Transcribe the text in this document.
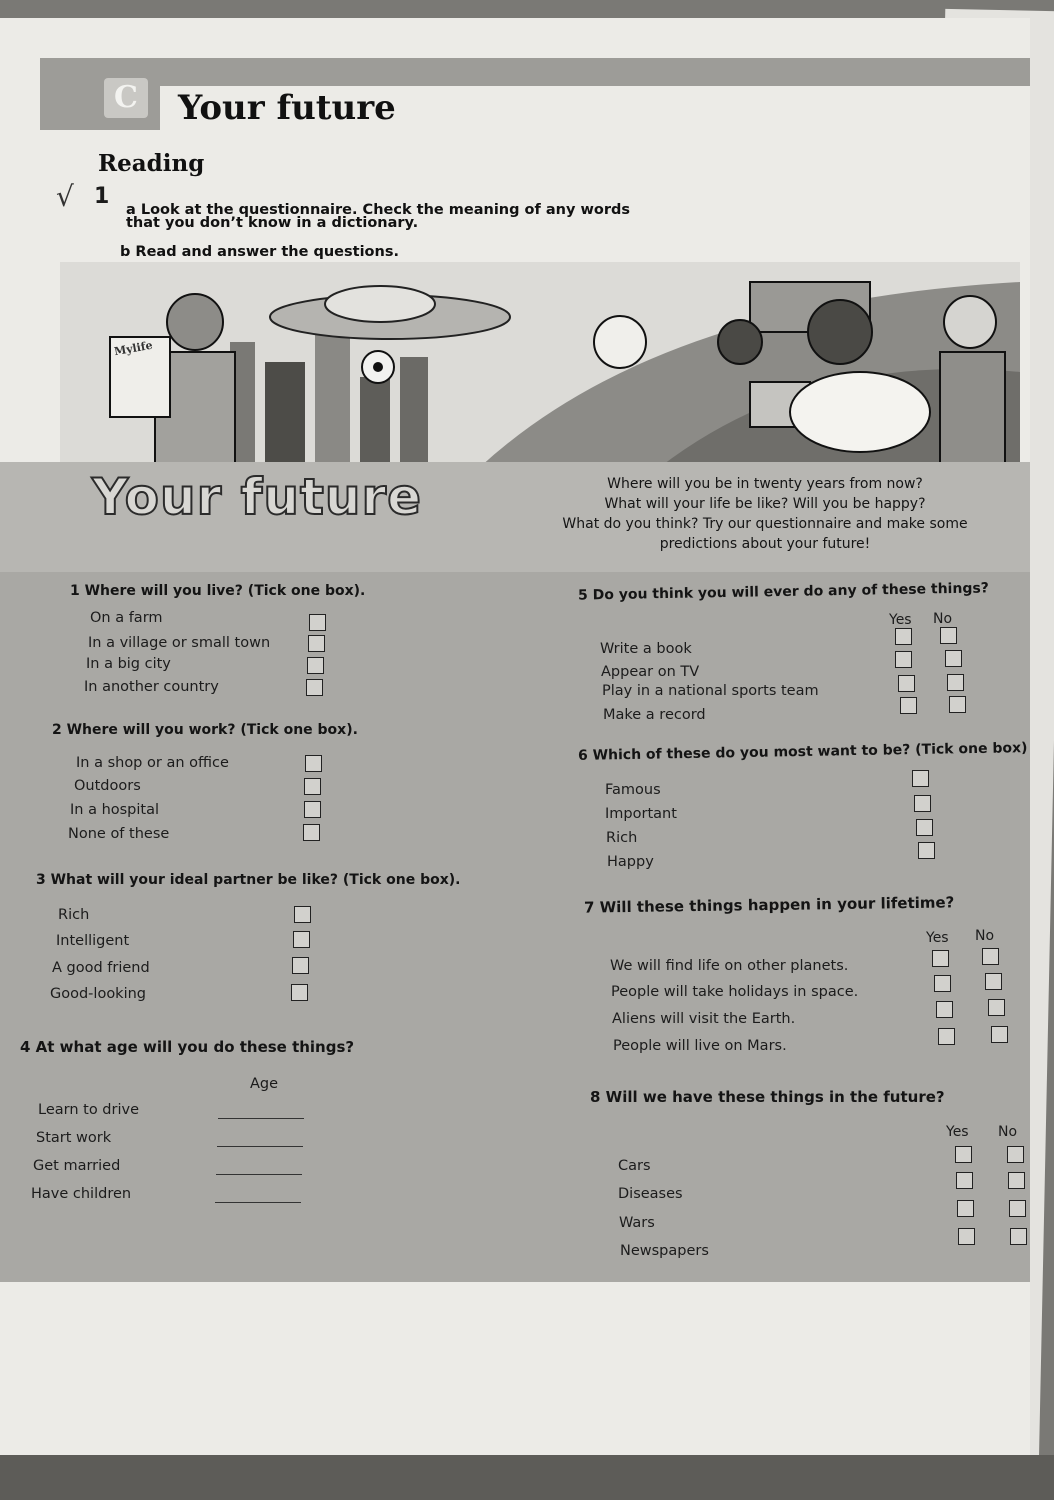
C Your future
Reading
√ 1
a Look at the questionnaire. Check the meaning of any words
that you don’t know in a dictionary.
b Read and answer the questions.
Mylife
Your future	Where will you be in twenty years from now?
What will your life be like? Will you be happy?
What do you think? Try our questionnaire and make some
predictions about your future!
1 Where will you live? (Tick one box).
On a farm
In a village or small town
In a big city
In another country
2 Where will you work? (Tick one box).
In a shop or an office
Outdoors
In a hospital
None of these
3 What will your ideal partner be like? (Tick one box).
Rich
Intelligent
A good friend
Good-looking
4 At what age will you do these things?
Age
Learn to drive
Start work
Get married
Have children
5 Do you think you will ever do any of these things?
Yes No
Write a book
Appear on TV
Play in a national sports team
Make a record
6 Which of these do you most want to be? (Tick one box)
Famous
Important
Rich
Happy
7 Will these things happen in your lifetime?
Yes No
We will find life on other planets.
People will take holidays in space.
Aliens will visit the Earth.
People will live on Mars.
8 Will we have these things in the future?
Yes No
Cars
Diseases
Wars
Newspapers
